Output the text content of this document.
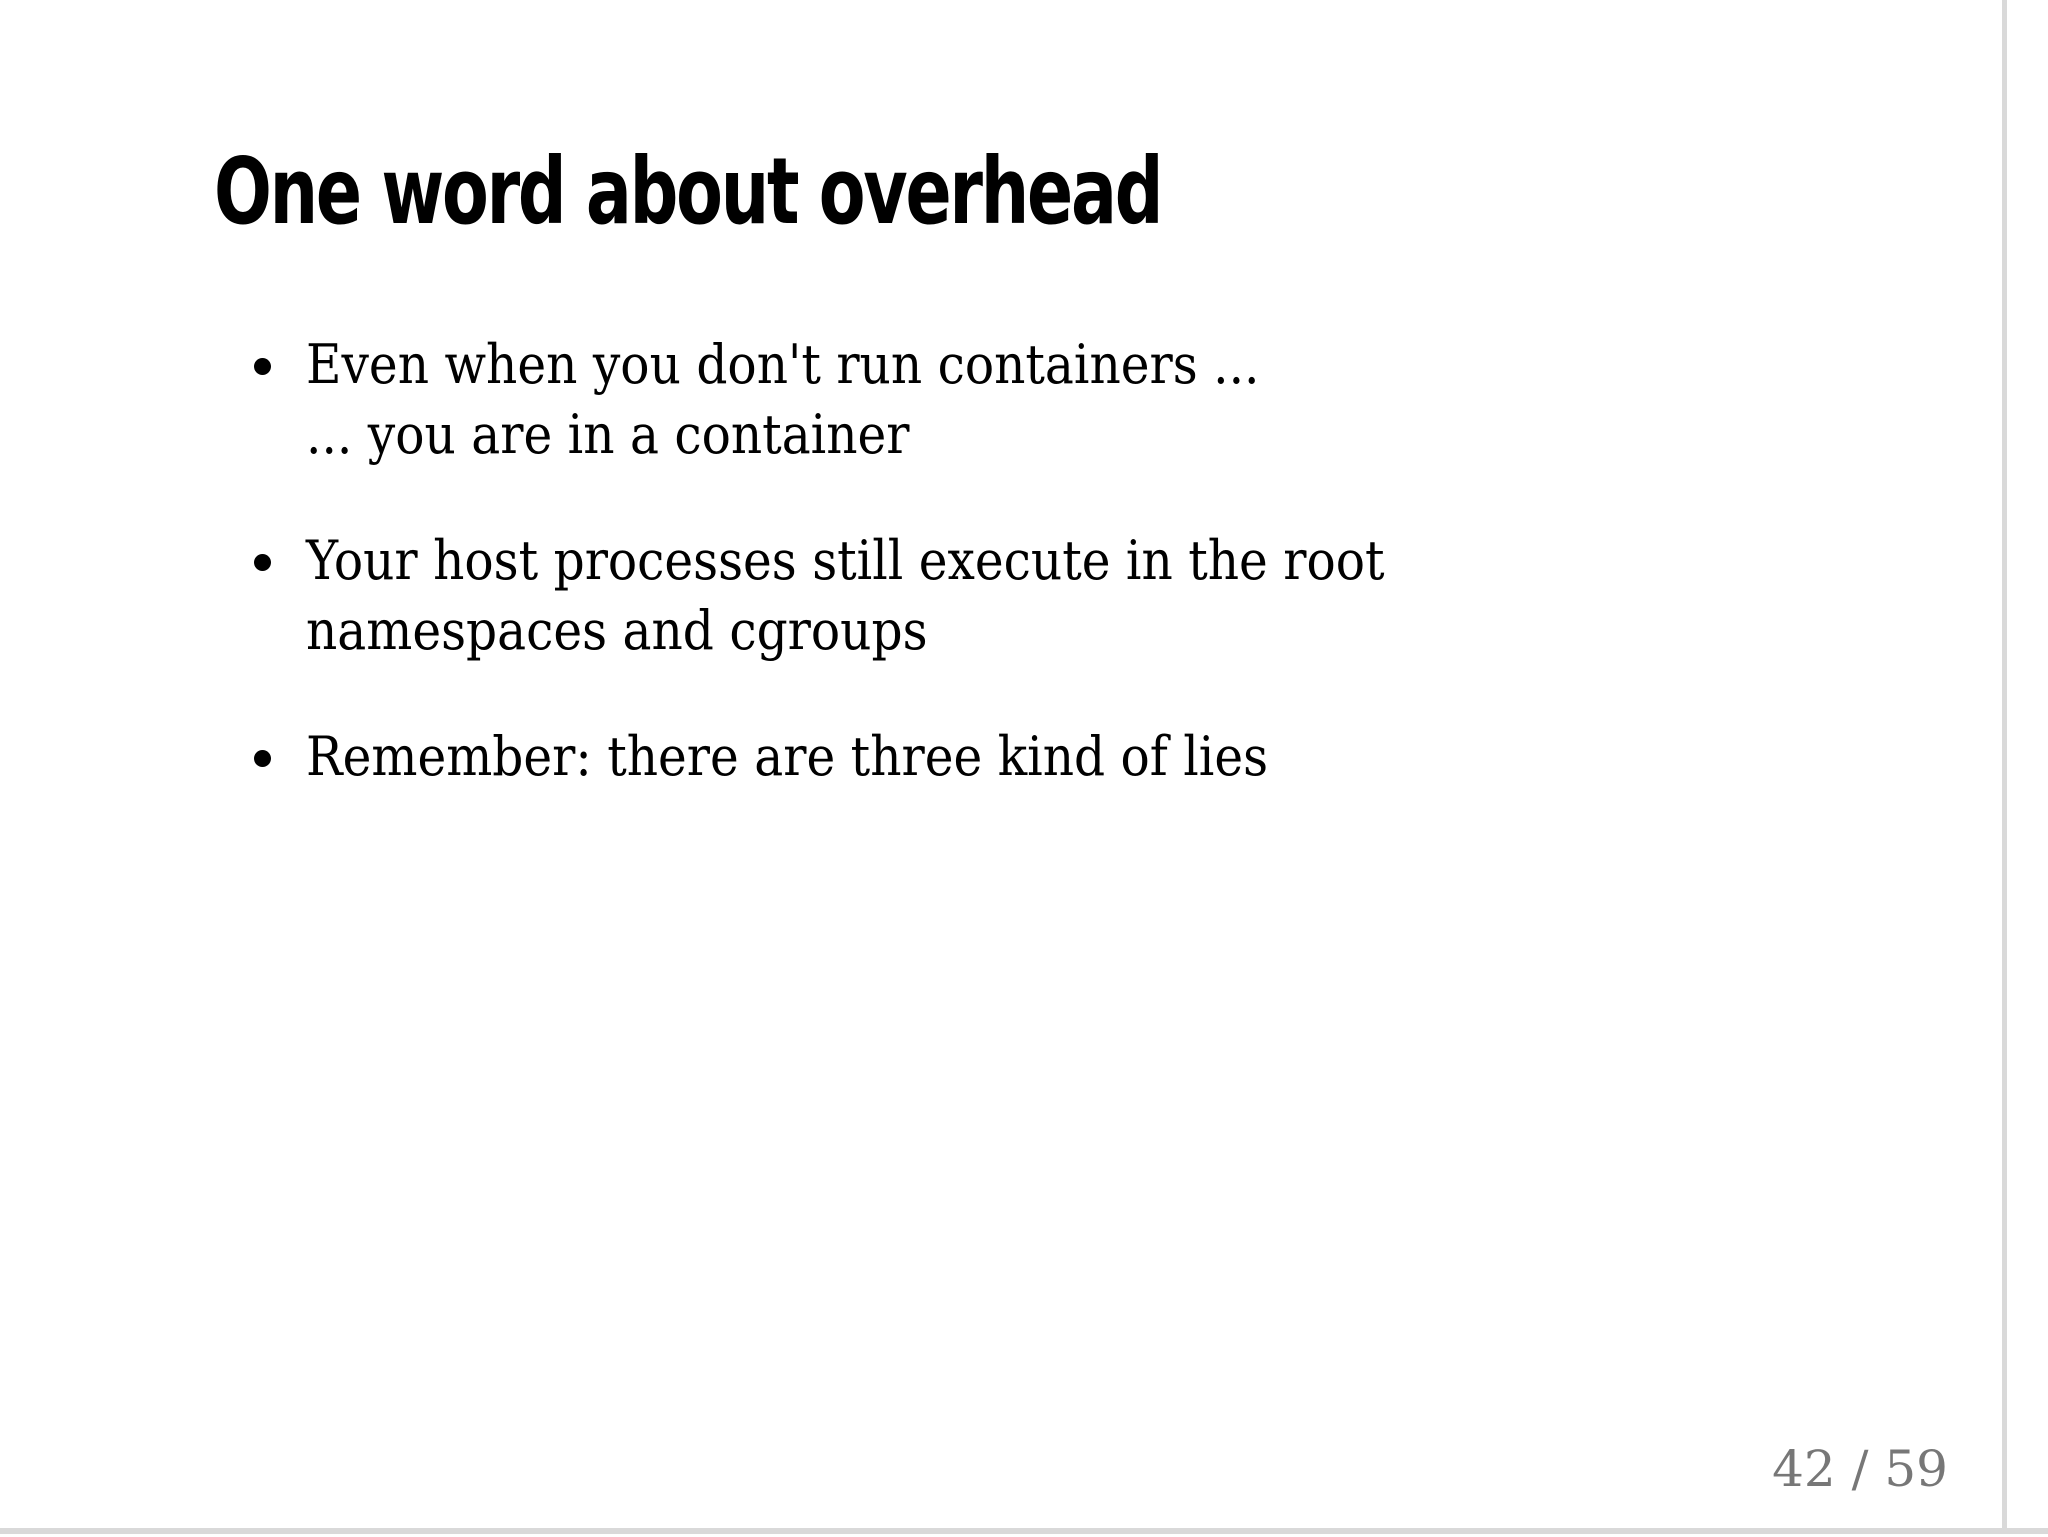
One word about overhead
Even when you don't run containers ...
... you are in a container
Your host processes still execute in the root
namespaces and cgroups
Remember: there are three kind of lies
42 / 59
